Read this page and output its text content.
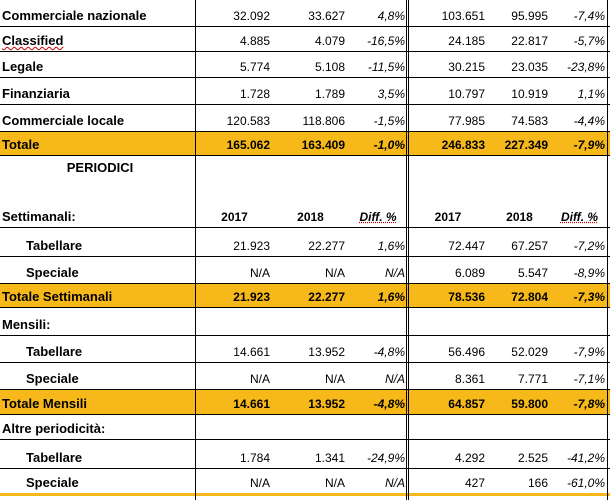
Commerciale nazionale	32.092	33.627	4,8%	103.651	95.995	-7,4%
Classified	4.885	4.079	-16,5%	24.185	22.817	-5,7%
Legale	5.774	5.108	-11,5%	30.215	23.035	-23,8%
Finanziaria	1.728	1.789	3,5%	10.797	10.919	1,1%
Commerciale locale	120.583	118.806	-1,5%	77.985	74.583	-4,4%
Totale	165.062	163.409	-1,0%	246.833	227.349	-7,9%
PERIODICI
Settimanali:	2017	2018	Diff. %	2017	2018	Diff. %
Tabellare	21.923	22.277	1,6%	72.447	67.257	-7,2%
Speciale	N/A	N/A	N/A	6.089	5.547	-8,9%
Totale Settimanali	21.923	22.277	1,6%	78.536	72.804	-7,3%
Mensili:
Tabellare	14.661	13.952	-4,8%	56.496	52.029	-7,9%
Speciale	N/A	N/A	N/A	8.361	7.771	-7,1%
Totale Mensili	14.661	13.952	-4,8%	64.857	59.800	-7,8%
Altre periodicità:
Tabellare	1.784	1.341	-24,9%	4.292	2.525	-41,2%
Speciale	N/A	N/A	N/A	427	166	-61,0%
